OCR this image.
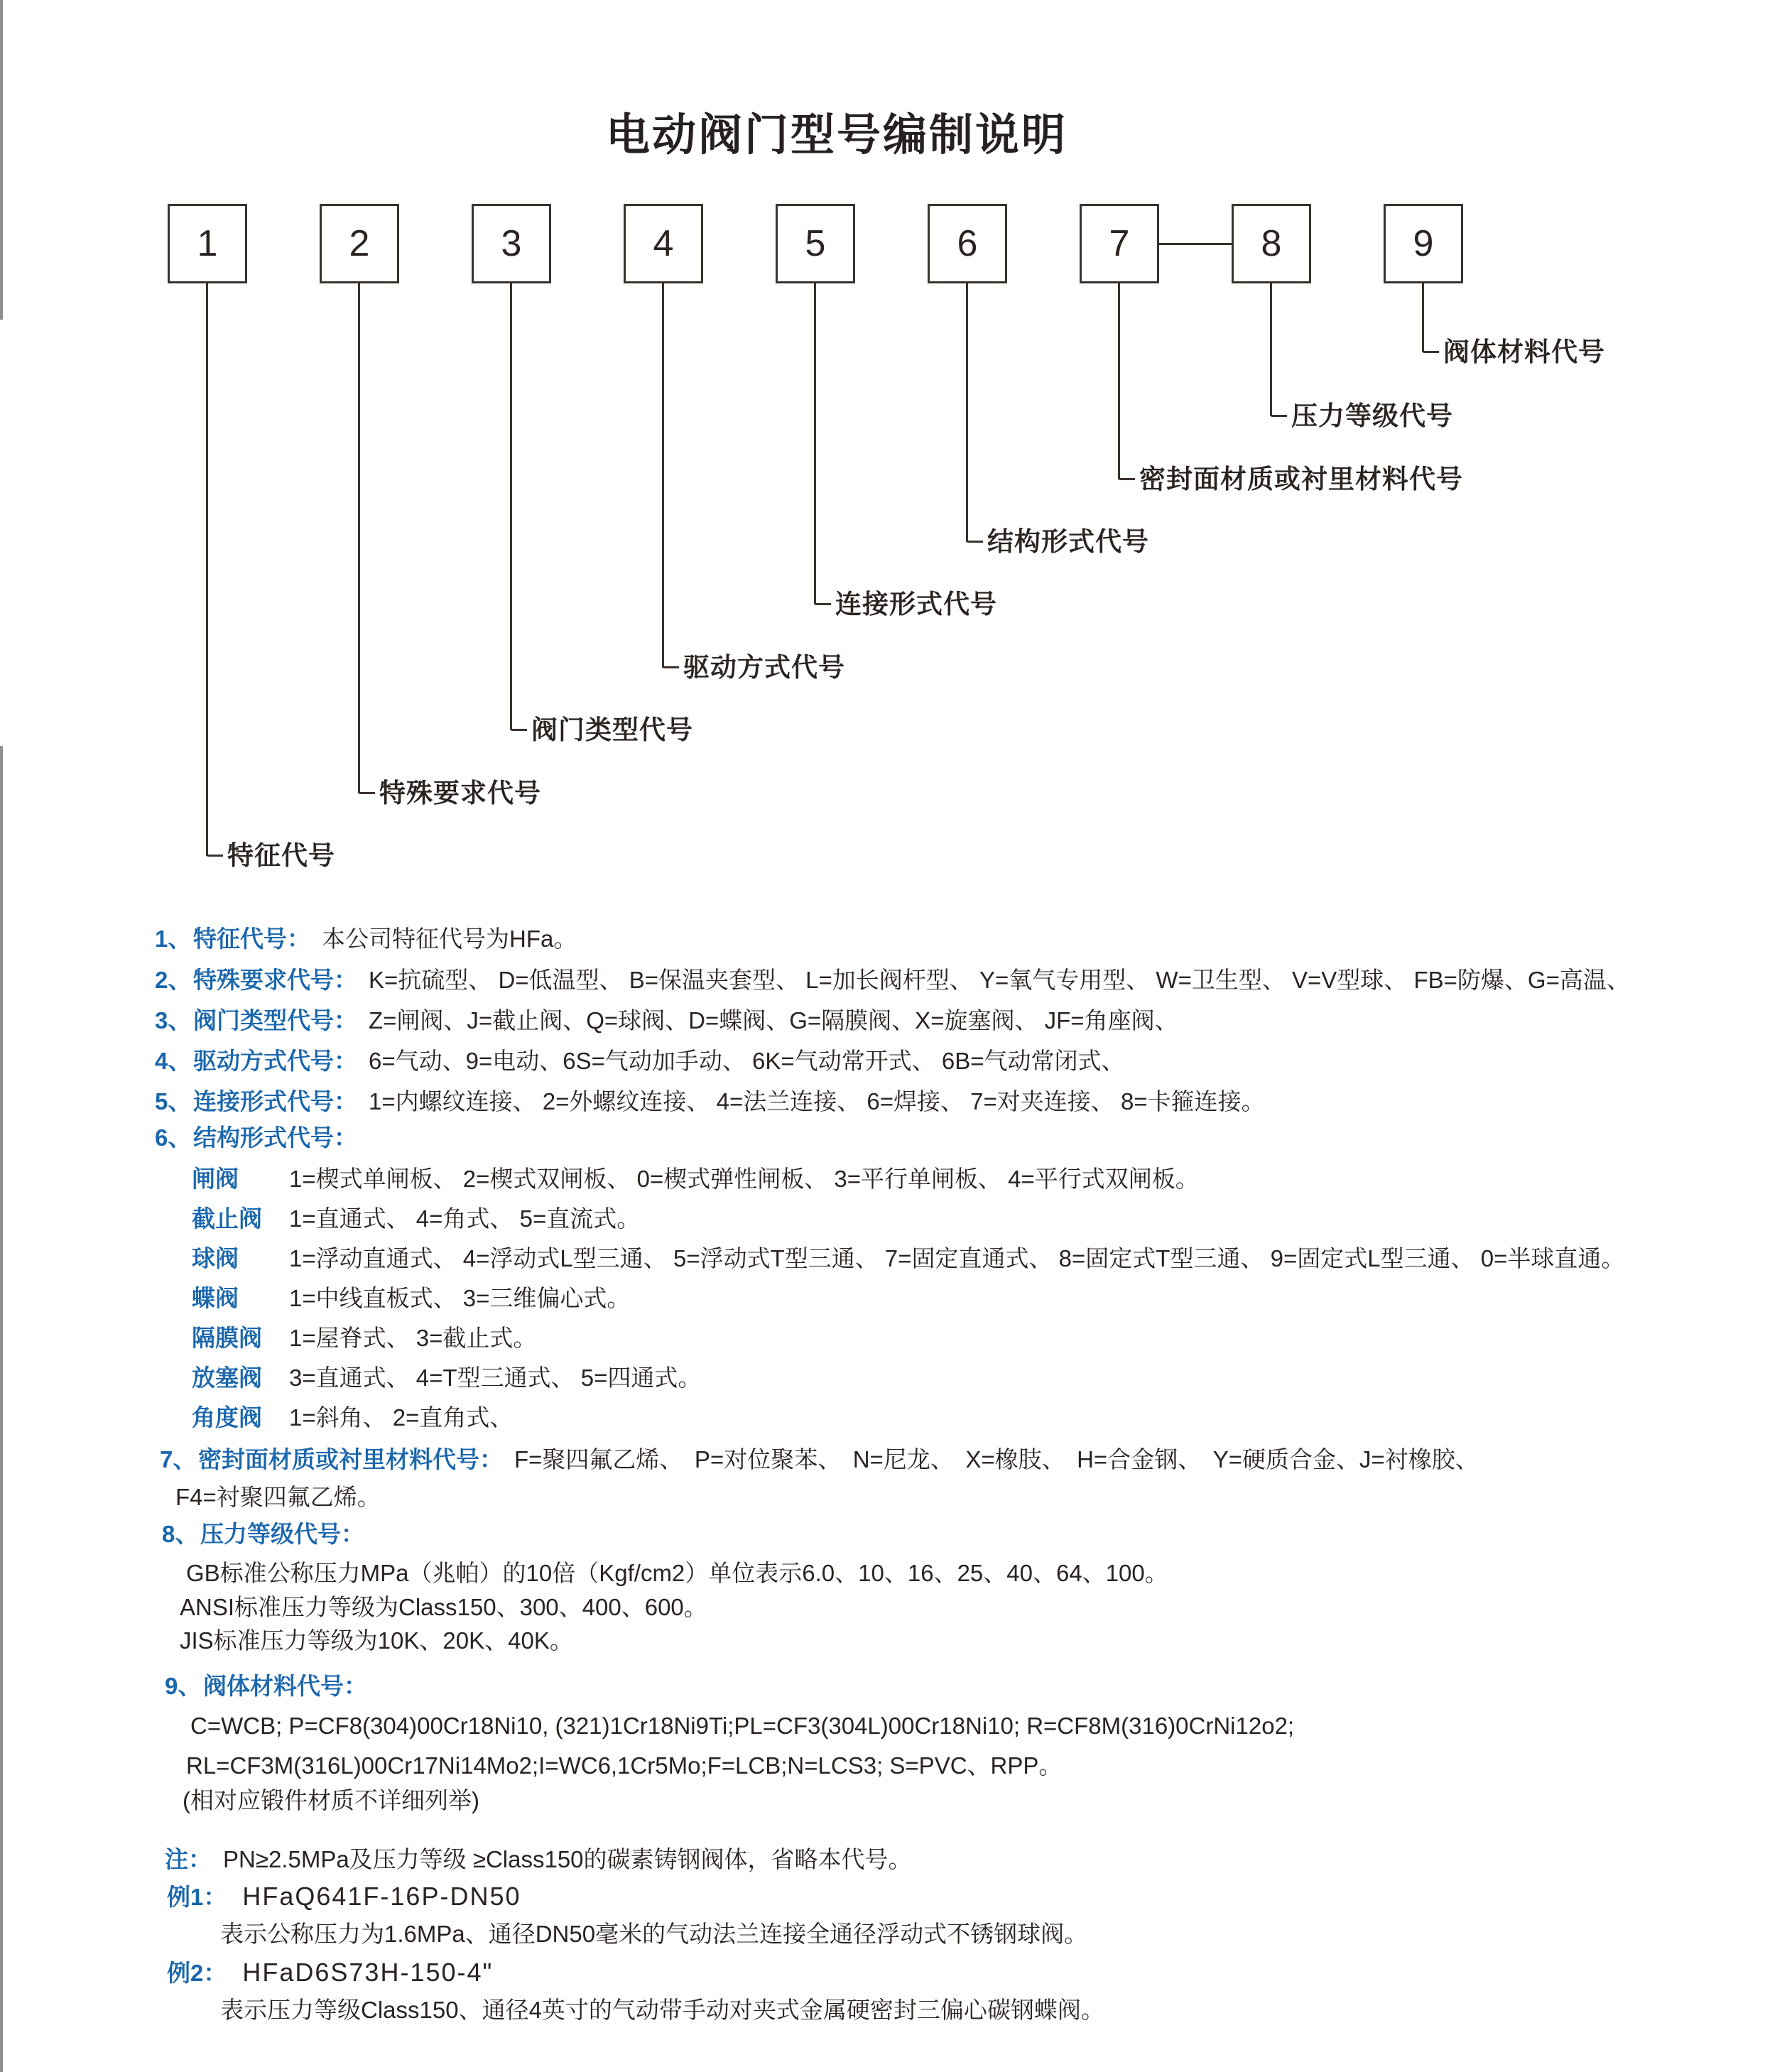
电动阀门型号编制说明
1
特征代号
2
特殊要求代号
3
阀门类型代号
4
驱动方式代号
5
连接形式代号
6
结构形式代号
7
密封面材质或衬里材料代号
8
压力等级代号
9
阀体材料代号
1、特征代号： 本公司特征代号为HFa。
2、特殊要求代号： K=抗硫型、 D=低温型、 B=保温夹套型、 L=加长阀杆型、 Y=氧气专用型、 W=卫生型、 V=V型球、 FB=防爆、G=高温、
3、阀门类型代号： Z=闸阀、J=截止阀、Q=球阀、D=蝶阀、G=隔膜阀、X=旋塞阀、 JF=角座阀、
4、驱动方式代号： 6=气动、9=电动、6S=气动加手动、 6K=气动常开式、 6B=气动常闭式、
5、连接形式代号： 1=内螺纹连接、 2=外螺纹连接、 4=法兰连接、 6=焊接、 7=对夹连接、 8=卡箍连接。
6、结构形式代号：
闸阀 1=楔式单闸板、 2=楔式双闸板、 0=楔式弹性闸板、 3=平行单闸板、 4=平行式双闸板。
截止阀 1=直通式、 4=角式、 5=直流式。
球阀 1=浮动直通式、 4=浮动式L型三通、 5=浮动式T型三通、 7=固定直通式、 8=固定式T型三通、 9=固定式L型三通、 0=半球直通。
蝶阀 1=中线直板式、 3=三维偏心式。
隔膜阀 1=屋脊式、 3=截止式。
放塞阀 3=直通式、 4=T型三通式、 5=四通式。
角度阀 1=斜角、 2=直角式、
7、密封面材质或衬里材料代号： F=聚四氟乙烯、　P=对位聚苯、　N=尼龙、　X=橡肢、　H=合金钢、　Y=硬质合金、J=衬橡胶、
F4=衬聚四氟乙烯。
8、压力等级代号：
GB标准公称压力MPa（兆帕）的10倍（Kgf/cm2）单位表示6.0、10、16、25、40、64、100。
ANSI标准压力等级为Class150、300、400、600。
JIS标准压力等级为10K、20K、40K。
9、阀体材料代号：
C=WCB; P=CF8(304)00Cr18Ni10, (321)1Cr18Ni9Ti;PL=CF3(304L)00Cr18Ni10; R=CF8M(316)0CrNi12o2;
RL=CF3M(316L)00Cr17Ni14Mo2;I=WC6,1Cr5Mo;F=LCB;N=LCS3; S=PVC、RPP。
(相对应锻件材质不详细列举)
注： PN≥2.5MPa及压力等级 ≥Class150的碳素铸钢阀体，省略本代号。
例1： HFaQ641F-16P-DN50
表示公称压力为1.6MPa、通径DN50毫米的气动法兰连接全通径浮动式不锈钢球阀。
例2： HFaD6S73H-150-4"
表示压力等级Class150、通径4英寸的气动带手动对夹式金属硬密封三偏心碳钢蝶阀。
